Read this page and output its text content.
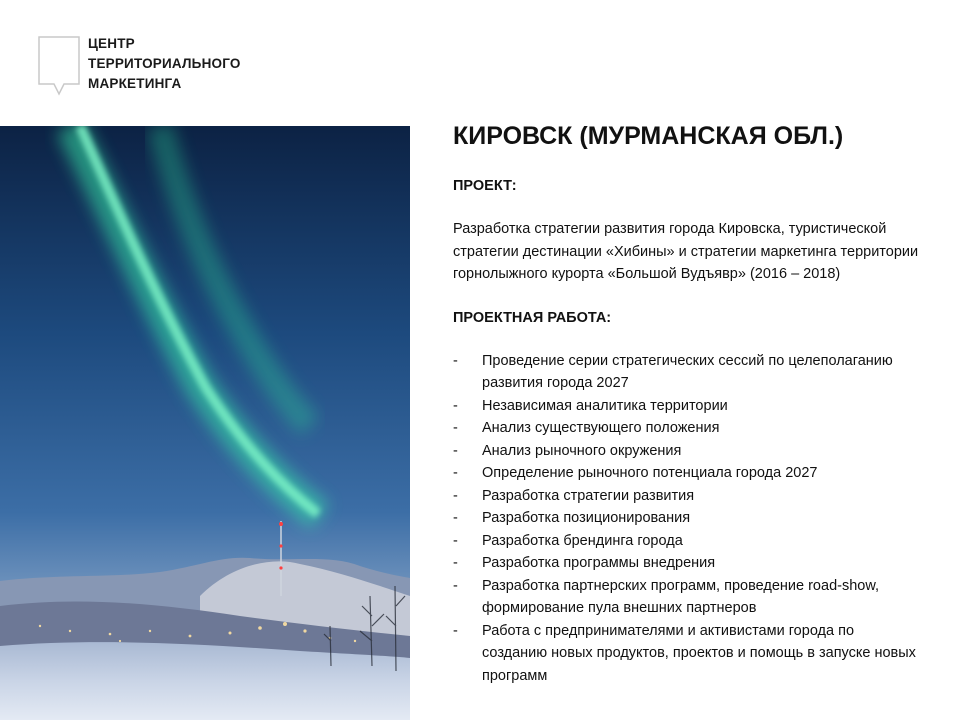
ЦЕНТР
ТЕРРИТОРИАЛЬНОГО
МАРКЕТИНГА
КИРОВСК (МУРМАНСКАЯ ОБЛ.)
ПРОЕКТ:

Разработка стратегии развития города Кировска, туристической стратегии дестинации «Хибины» и стратегии маркетинга территории горнолыжного курорта «Большой Вудъявр» (2016 – 2018)

ПРОЕКТНАЯ РАБОТА:
- Проведение серии стратегических сессий по целеполаганию развития города 2027
- Независимая аналитика территории
- Анализ существующего положения
- Анализ рыночного окружения
- Определение рыночного потенциала города 2027
- Разработка стратегии развития
- Разработка позиционирования
- Разработка брендинга города
- Разработка программы внедрения
- Разработка партнерских программ, проведение road-show, формирование пула внешних партнеров
- Работа с предпринимателями и активистами города по созданию новых продуктов, проектов и помощь в запуске новых программ
